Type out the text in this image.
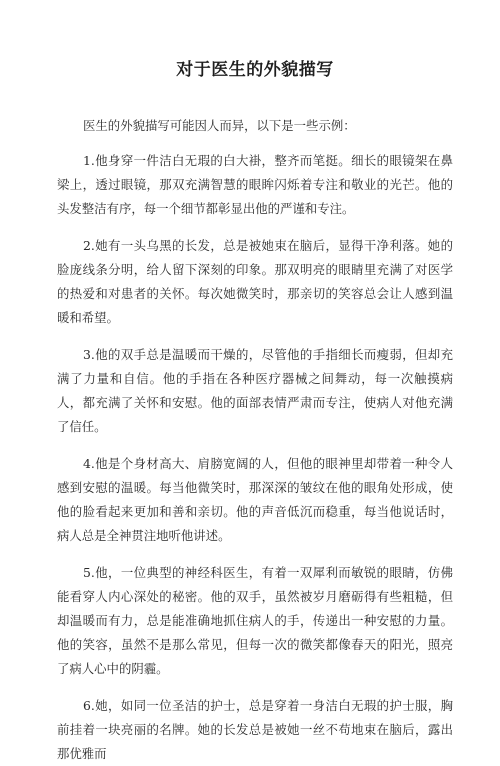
对于医生的外貌描写

医生的外貌描写可能因人而异，以下是一些示例：

1.他身穿一件洁白无瑕的白大褂，整齐而笔挺。细长的眼镜架在鼻梁上，透过眼镜，那双充满智慧的眼眸闪烁着专注和敬业的光芒。他的头发整洁有序，每一个细节都彰显出他的严谨和专注。

2.她有一头乌黑的长发，总是被她束在脑后，显得干净利落。她的脸庞线条分明，给人留下深刻的印象。那双明亮的眼睛里充满了对医学的热爱和对患者的关怀。每次她微笑时，那亲切的笑容总会让人感到温暖和希望。

3.他的双手总是温暖而干燥的，尽管他的手指细长而瘦弱，但却充满了力量和自信。他的手指在各种医疗器械之间舞动，每一次触摸病人，都充满了关怀和安慰。他的面部表情严肃而专注，使病人对他充满了信任。

4.他是个身材高大、肩膀宽阔的人，但他的眼神里却带着一种令人感到安慰的温暖。每当他微笑时，那深深的皱纹在他的眼角处形成，使他的脸看起来更加和善和亲切。他的声音低沉而稳重，每当他说话时，病人总是全神贯注地听他讲述。

5.他，一位典型的神经科医生，有着一双犀利而敏锐的眼睛，仿佛能看穿人内心深处的秘密。他的双手，虽然被岁月磨砺得有些粗糙，但却温暖而有力，总是能准确地抓住病人的手，传递出一种安慰的力量。他的笑容，虽然不是那么常见，但每一次的微笑都像春天的阳光，照亮了病人心中的阴霾。

6.她，如同一位圣洁的护士，总是穿着一身洁白无瑕的护士服，胸前挂着一块亮丽的名牌。她的长发总是被她一丝不苟地束在脑后，露出那优雅而
